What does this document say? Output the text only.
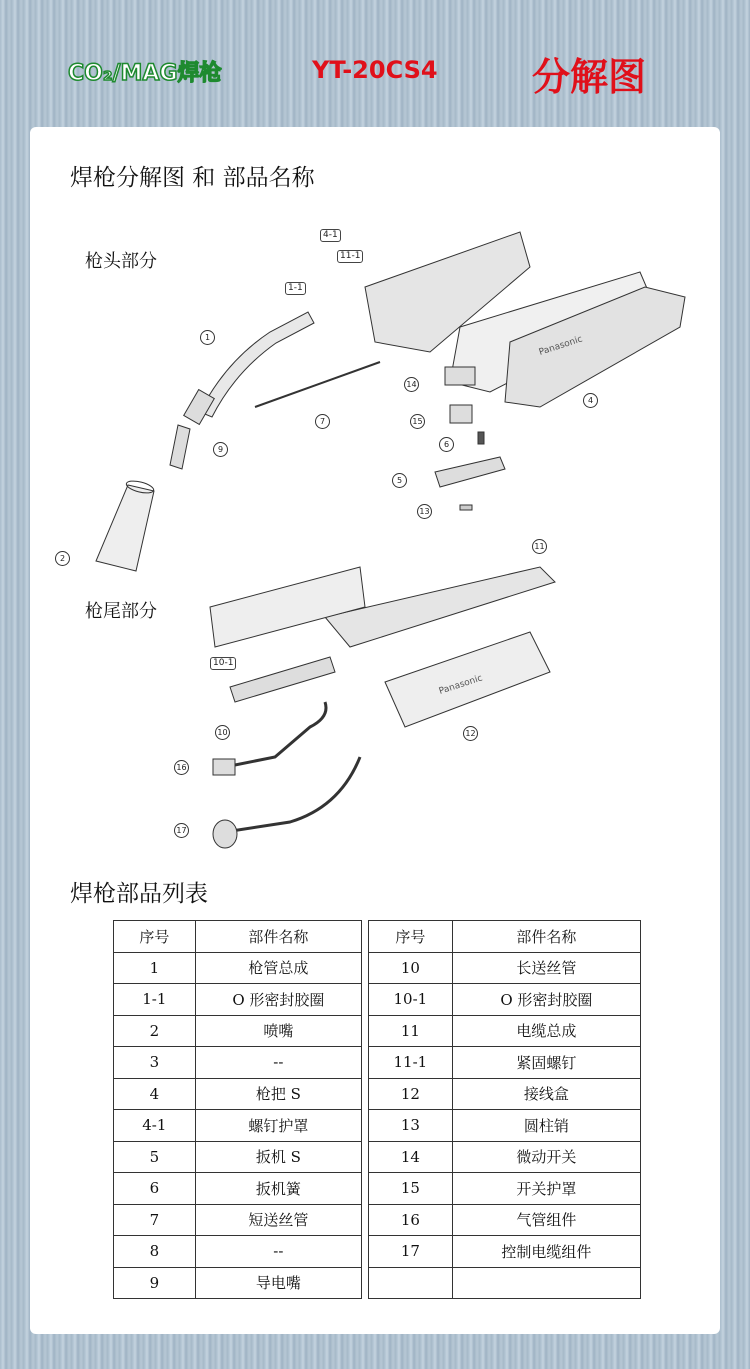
CO₂/MAG焊枪	YT-20CS4 分解图
焊枪分解图 和 部品名称
枪头部分
枪尾部分
Panasonic
Panasonic
1
1-1
2
4
4-1
5
6
7
9
10
10-1
11
11-1
12
13
14
15
16
17
焊枪部品列表
序号	部件名称		序号	部件名称
1	枪管总成		10	长送丝管
1-1	O 形密封胶圈		10-1	O 形密封胶圈
2	喷嘴		11	电缆总成
3	--		11-1	紧固螺钉
4	枪把 S		12	接线盒
4-1	螺钉护罩		13	圆柱销
5	扳机 S		14	微动开关
6	扳机簧		15	开关护罩
7	短送丝管		16	气管组件
8	--		17	控制电缆组件
9	导电嘴			
